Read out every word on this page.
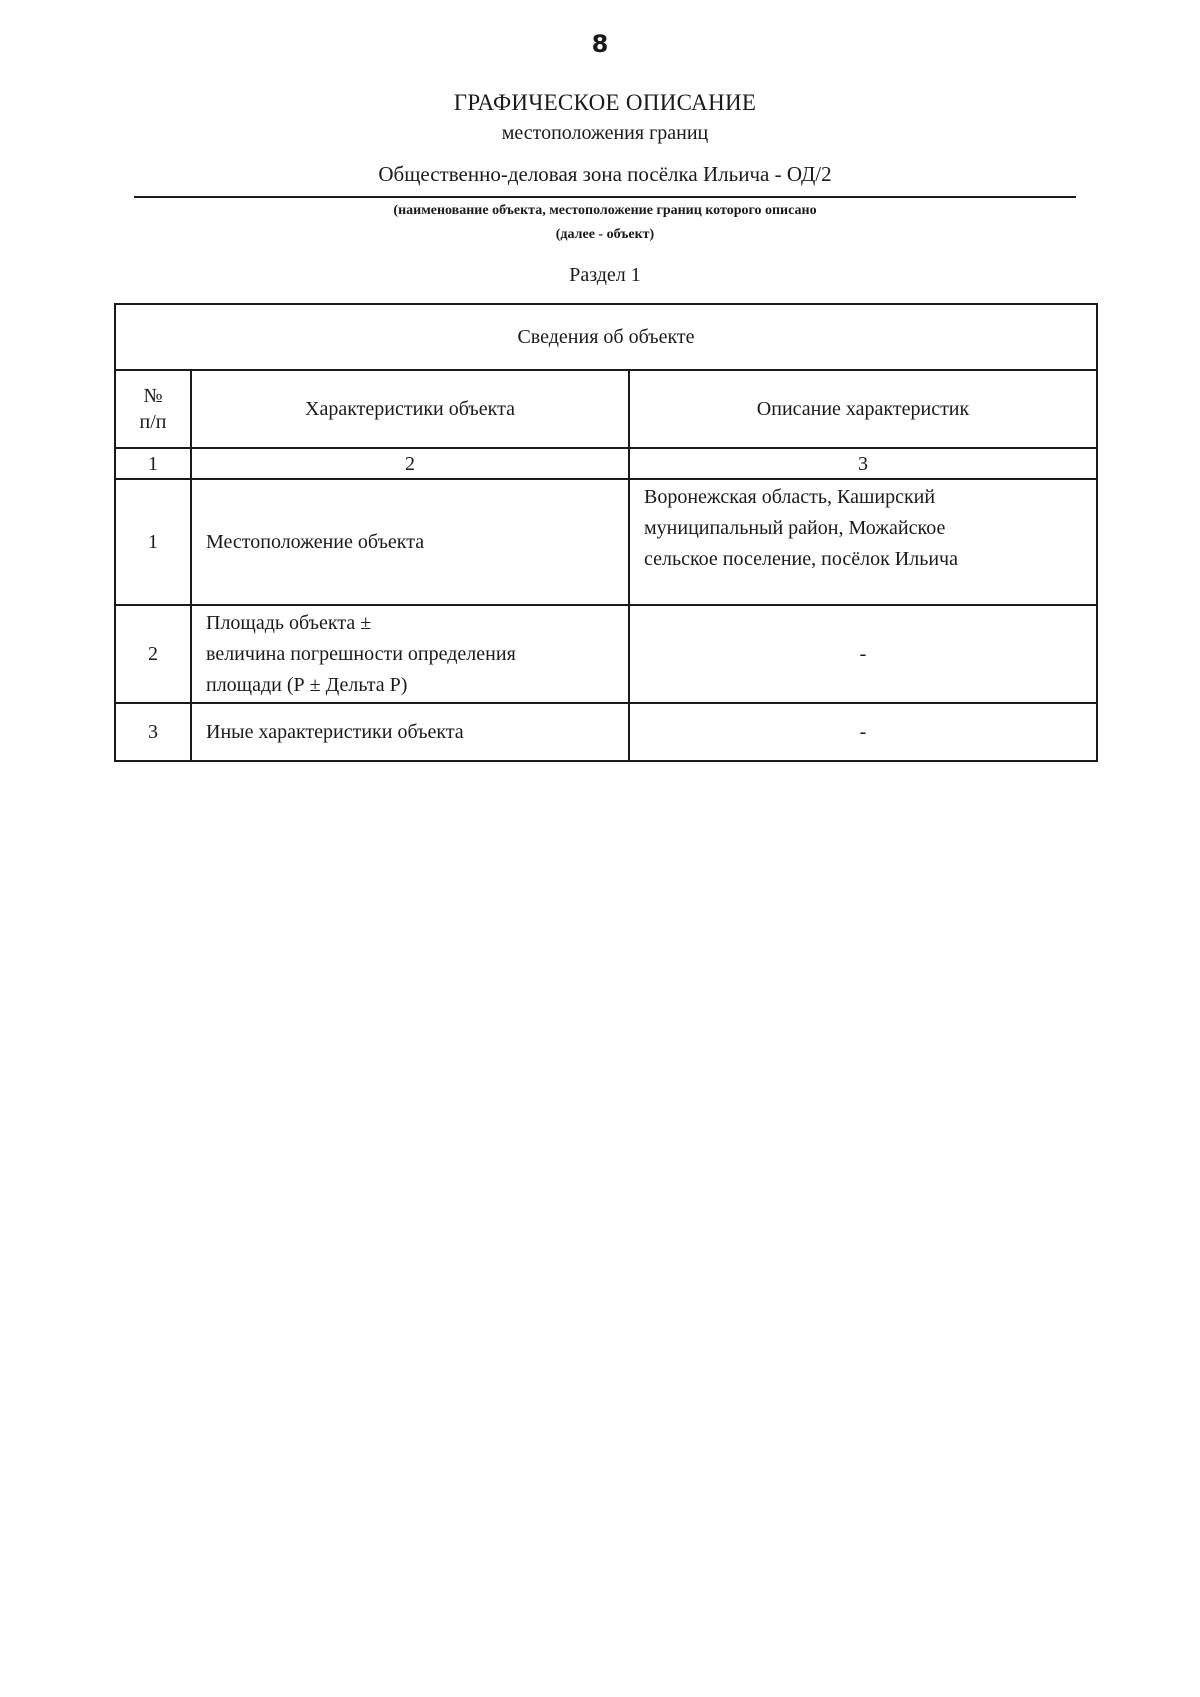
8
ГРАФИЧЕСКОЕ ОПИСАНИЕ
местоположения границ
Общественно-деловая зона посёлка Ильича - ОД/2
(наименование объекта, местоположение границ которого описано
(далее - объект)
Раздел 1
Сведения об объекте		

№
п/п	Характеристики объекта	Описание характеристик
1	2	3
1	Местоположение объекта	Воронежская область, Каширский
муниципальный район, Можайское
сельское поселение, посёлок Ильича

2	Площадь объекта ±
величина погрешности определения
площади (Р ± Дельта Р)	-

3	Иные характеристики объекта	-
